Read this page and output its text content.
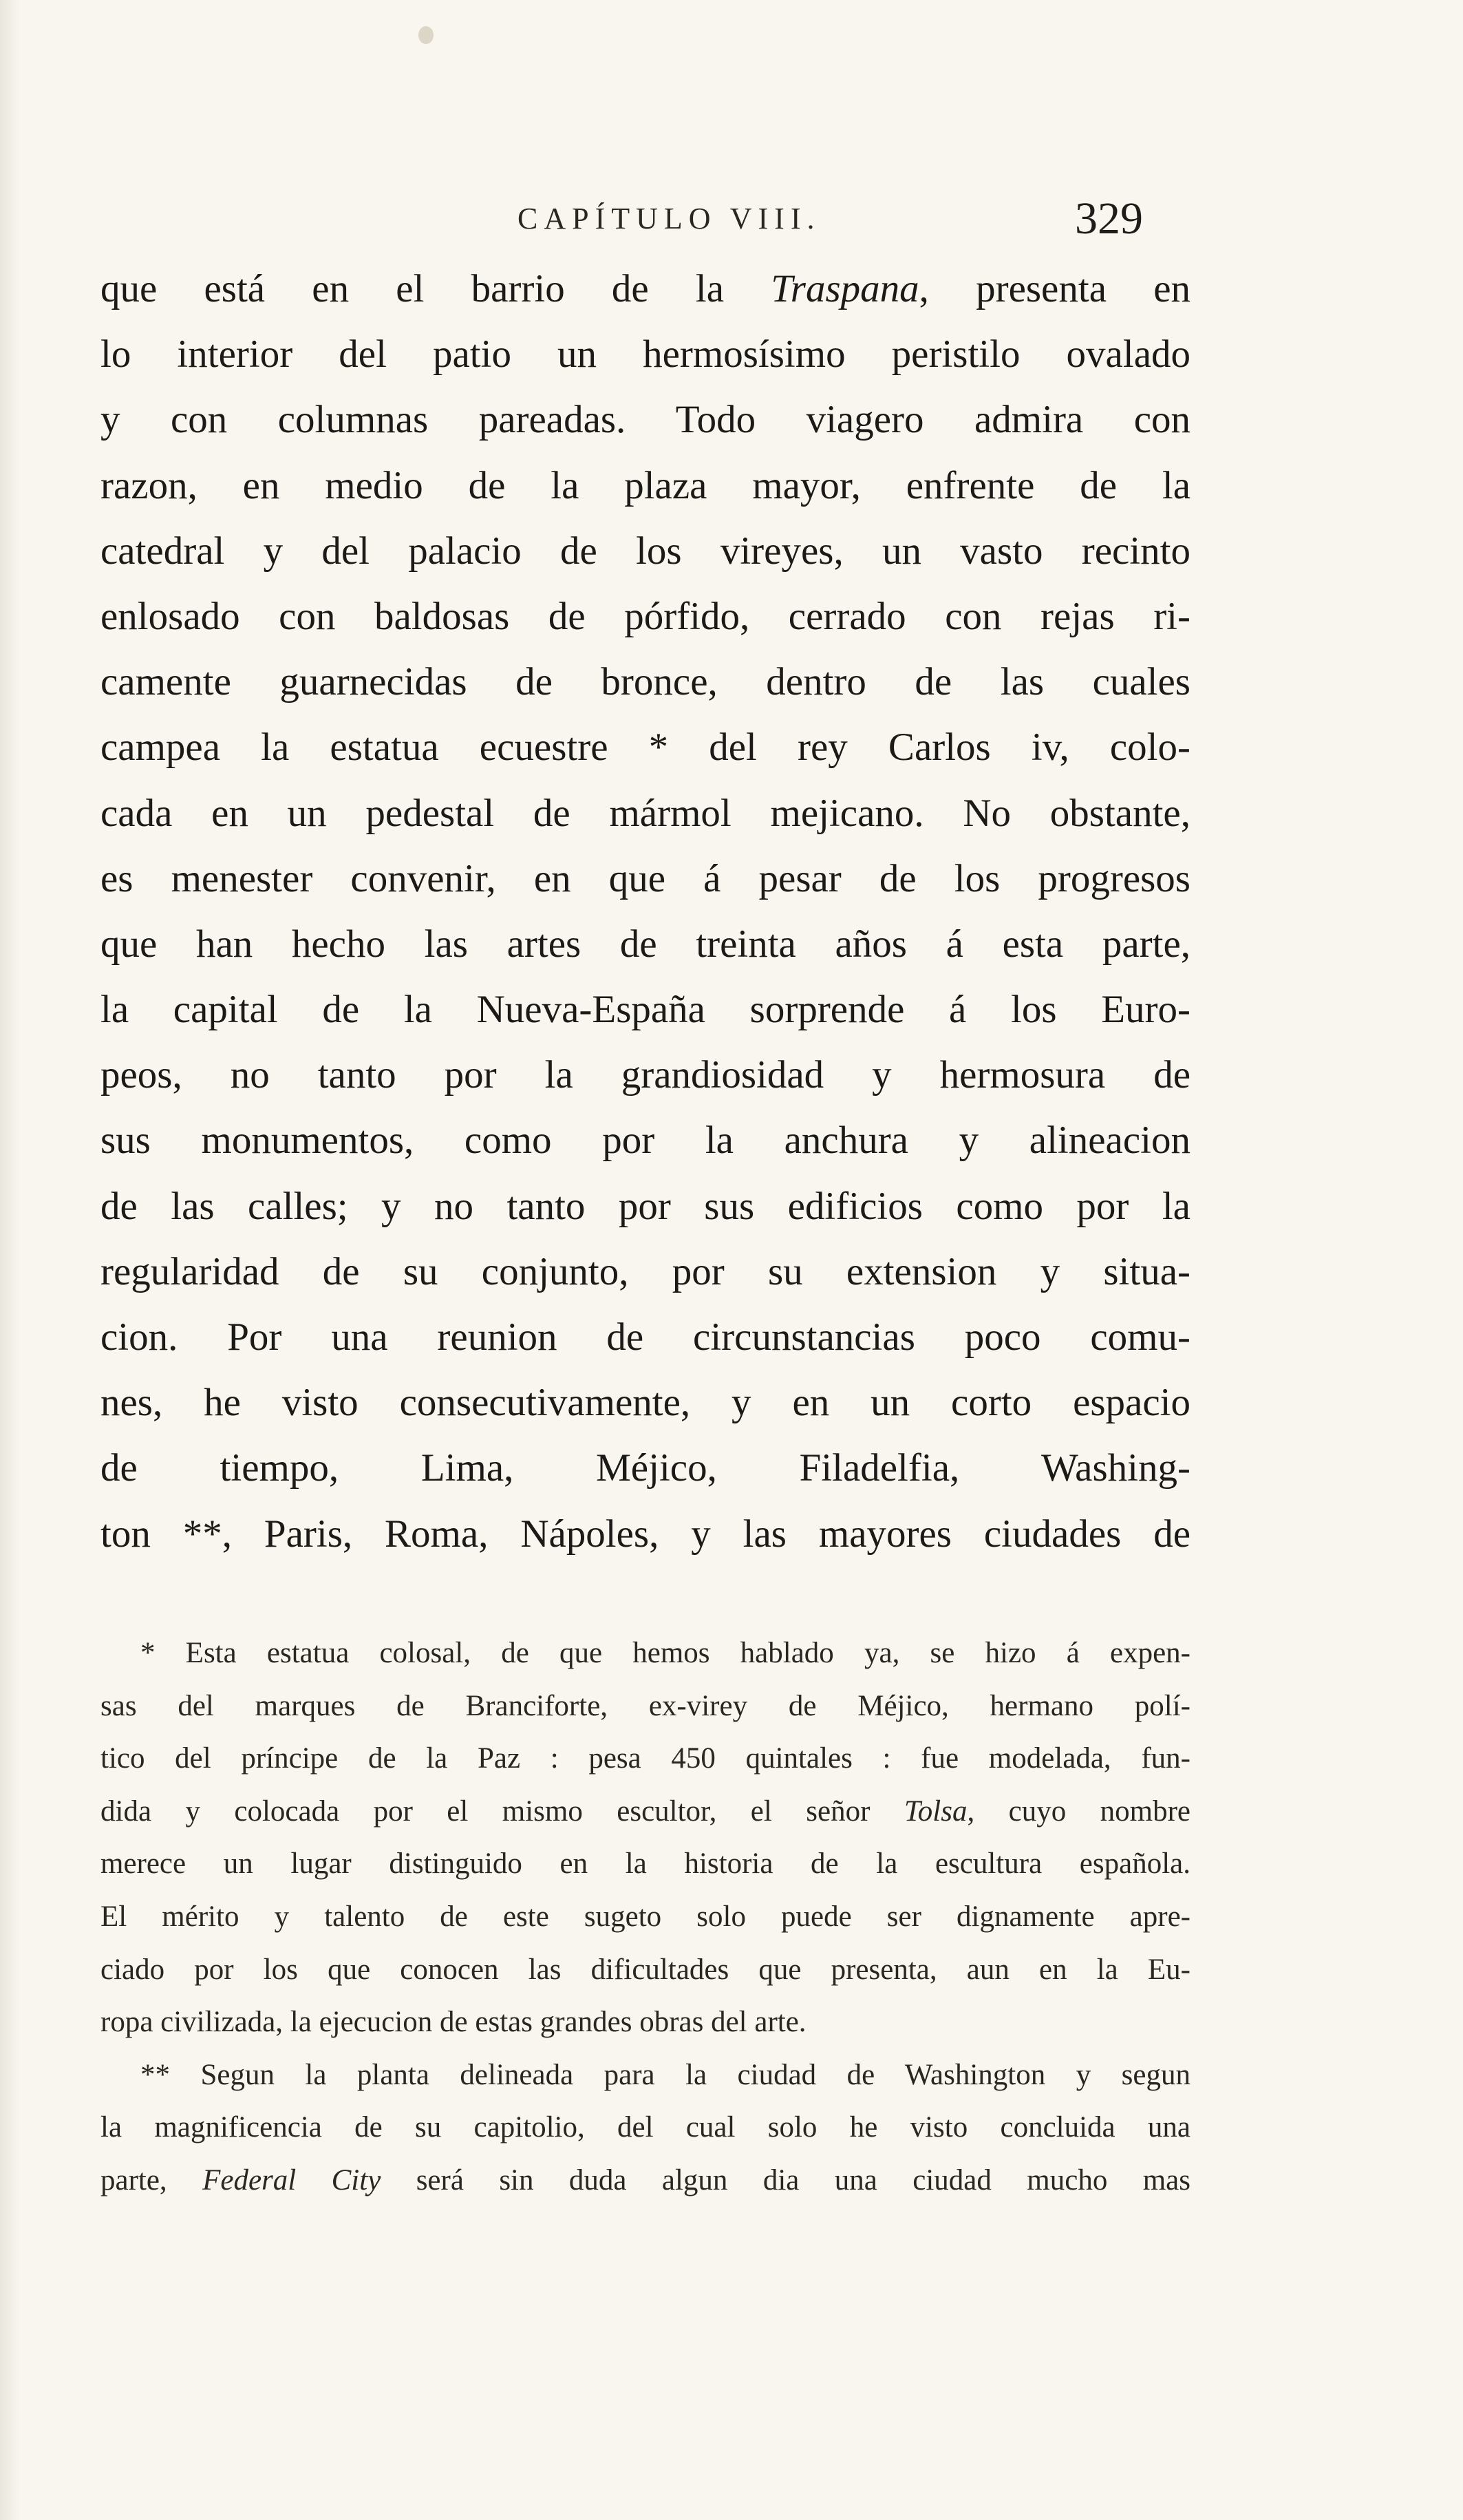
CAPÍTULO VIII.	329
que está en el barrio de la Traspana, presenta en
lo interior del patio un hermosísimo peristilo ovalado
y con columnas pareadas. Todo viagero admira con
razon, en medio de la plaza mayor, enfrente de la
catedral y del palacio de los vireyes, un vasto recinto
enlosado con baldosas de pórfido, cerrado con rejas ri-
camente guarnecidas de bronce, dentro de las cuales
campea la estatua ecuestre * del rey Carlos iv, colo-
cada en un pedestal de mármol mejicano. No obstante,
es menester convenir, en que á pesar de los progresos
que han hecho las artes de treinta años á esta parte,
la capital de la Nueva-España sorprende á los Euro-
peos, no tanto por la grandiosidad y hermosura de
sus monumentos, como por la anchura y alineacion
de las calles; y no tanto por sus edificios como por la
regularidad de su conjunto, por su extension y situa-
cion. Por una reunion de circunstancias poco comu-
nes, he visto consecutivamente, y en un corto espacio
de tiempo, Lima, Méjico, Filadelfia, Washing-
ton **, Paris, Roma, Nápoles, y las mayores ciudades de
* Esta estatua colosal, de que hemos hablado ya, se hizo á expen-
sas del marques de Branciforte, ex-virey de Méjico, hermano polí-
tico del príncipe de la Paz : pesa 450 quintales : fue modelada, fun-
dida y colocada por el mismo escultor, el señor Tolsa, cuyo nombre
merece un lugar distinguido en la historia de la escultura española.
El mérito y talento de este sugeto solo puede ser dignamente apre-
ciado por los que conocen las dificultades que presenta, aun en la Eu-
ropa civilizada, la ejecucion de estas grandes obras del arte.
** Segun la planta delineada para la ciudad de Washington y segun
la magnificencia de su capitolio, del cual solo he visto concluida una
parte, Federal City será sin duda algun dia una ciudad mucho mas
